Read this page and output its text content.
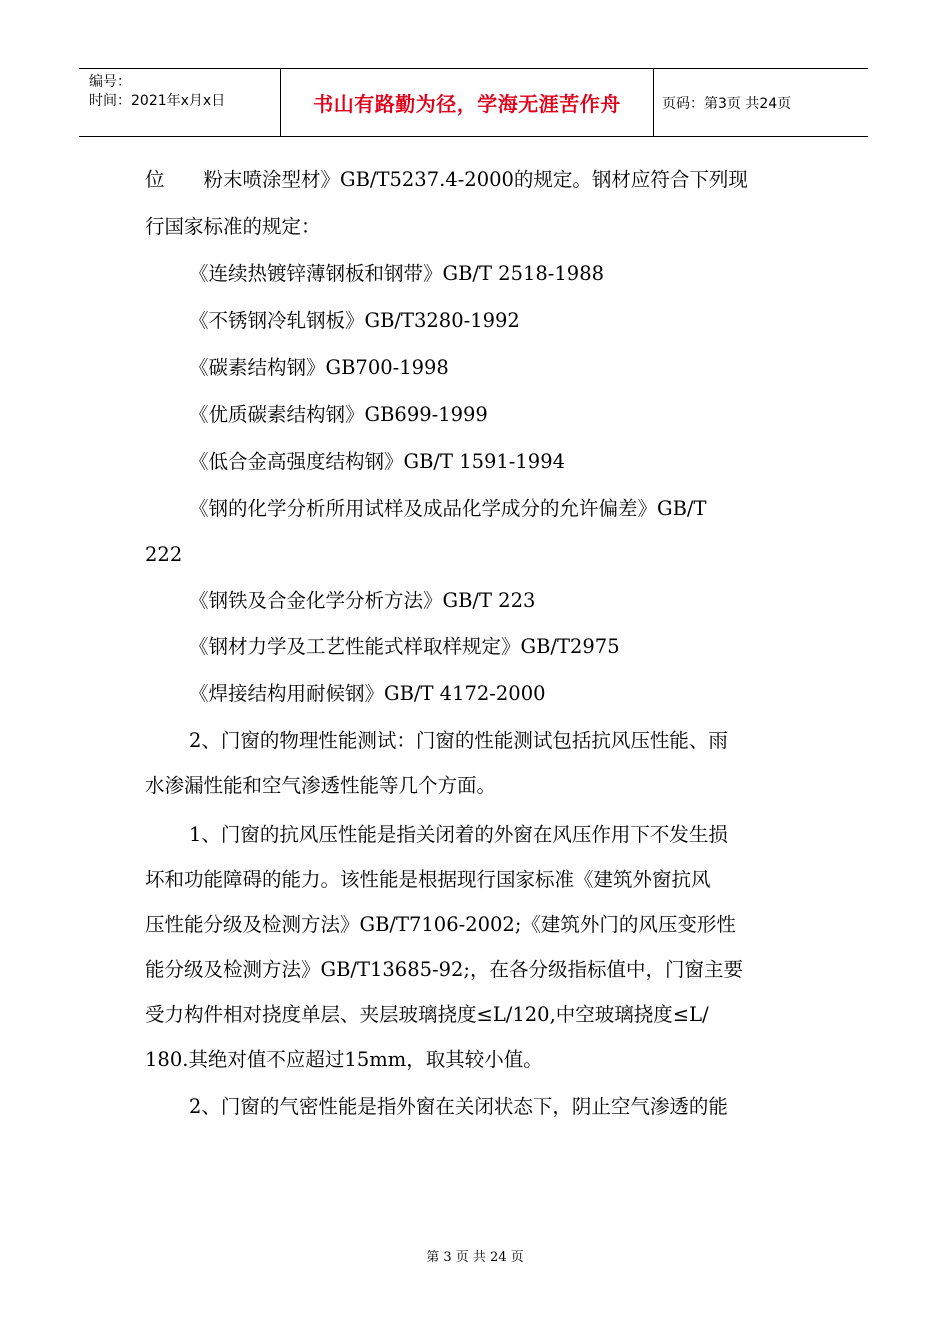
编号：
时间：2021年x月x日	书山有路勤为径，学海无涯苦作舟	页码：第3页 共24页
位　　粉末喷涂型材》GB/T5237.4-2000的规定。钢材应符合下列现
行国家标准的规定：
《连续热镀锌薄钢板和钢带》GB/T 2518-1988
《不锈钢冷轧钢板》GB/T3280-1992
《碳素结构钢》GB700-1998
《优质碳素结构钢》GB699-1999
《低合金高强度结构钢》GB/T 1591-1994
《钢的化学分析所用试样及成品化学成分的允许偏差》GB/T
222
《钢铁及合金化学分析方法》GB/T 223
《钢材力学及工艺性能式样取样规定》GB/T2975
《焊接结构用耐候钢》GB/T 4172-2000
2、门窗的物理性能测试：门窗的性能测试包括抗风压性能、雨
水渗漏性能和空气渗透性能等几个方面。
1、门窗的抗风压性能是指关闭着的外窗在风压作用下不发生损
坏和功能障碍的能力。该性能是根据现行国家标准《建筑外窗抗风
压性能分级及检测方法》GB/T7106-2002;《建筑外门的风压变形性
能分级及检测方法》GB/T13685-92;，在各分级指标值中，门窗主要
受力构件相对挠度单层、夹层玻璃挠度≤L/120,中空玻璃挠度≤L/
180.其绝对值不应超过15mm，取其较小值。
2、门窗的气密性能是指外窗在关闭状态下，阴止空气渗透的能
第 3 页 共 24 页
